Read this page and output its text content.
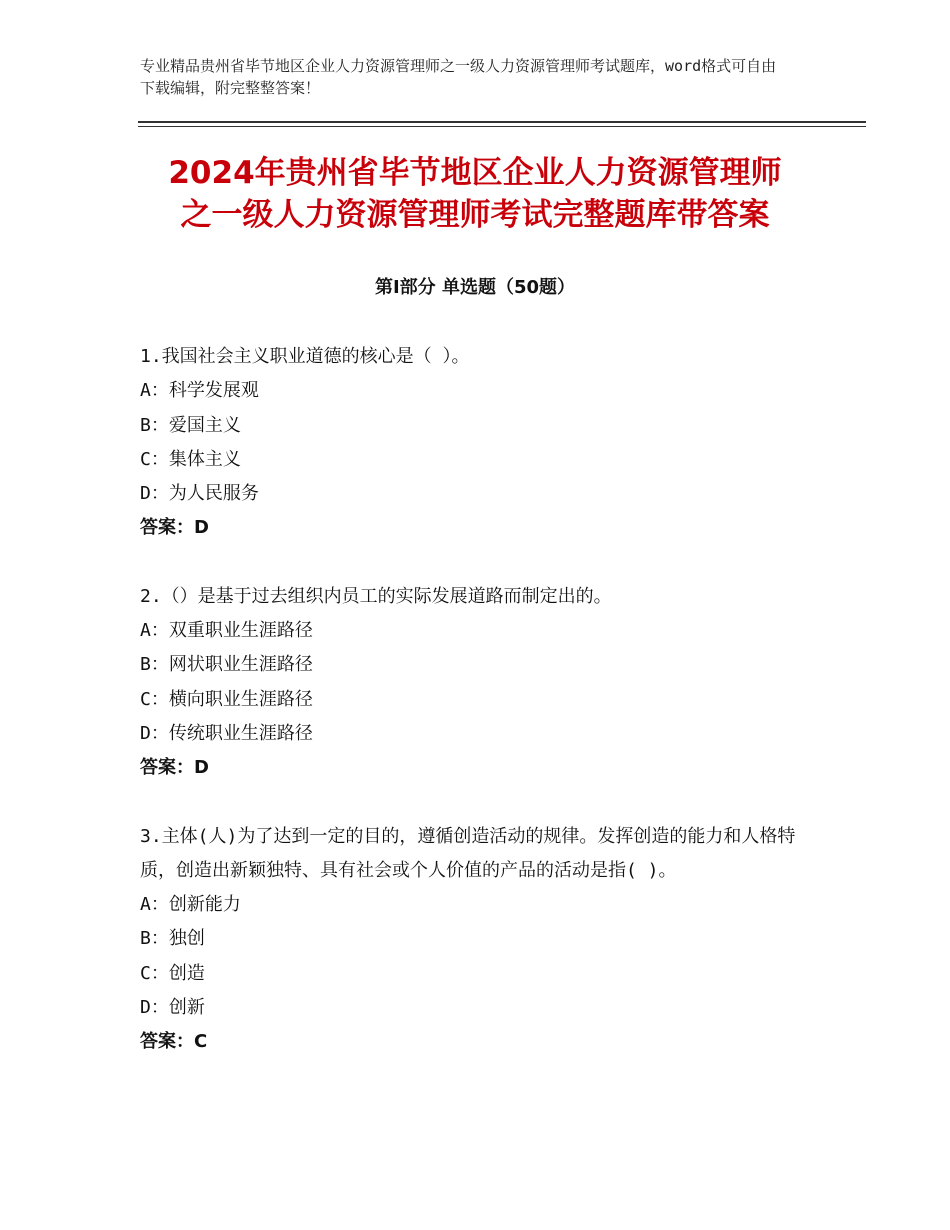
专业精品贵州省毕节地区企业人力资源管理师之一级人力资源管理师考试题库，word格式可自由下载编辑，附完整整答案！
2024年贵州省毕节地区企业人力资源管理师
之一级人力资源管理师考试完整题库带答案
第Ⅰ部分 单选题（50题）

1.我国社会主义职业道德的核心是（ ）。

A：科学发展观

B：爱国主义

C：集体主义

D：为人民服务

答案：D

2.（）是基于过去组织内员工的实际发展道路而制定出的。

A：双重职业生涯路径

B：网状职业生涯路径

C：横向职业生涯路径

D：传统职业生涯路径

答案：D

3.主体(人)为了达到一定的目的，遵循创造活动的规律。发挥创造的能力和人格特质，创造出新颖独特、具有社会或个人价值的产品的活动是指( )。

A：创新能力

B：独创

C：创造

D：创新

答案：C
